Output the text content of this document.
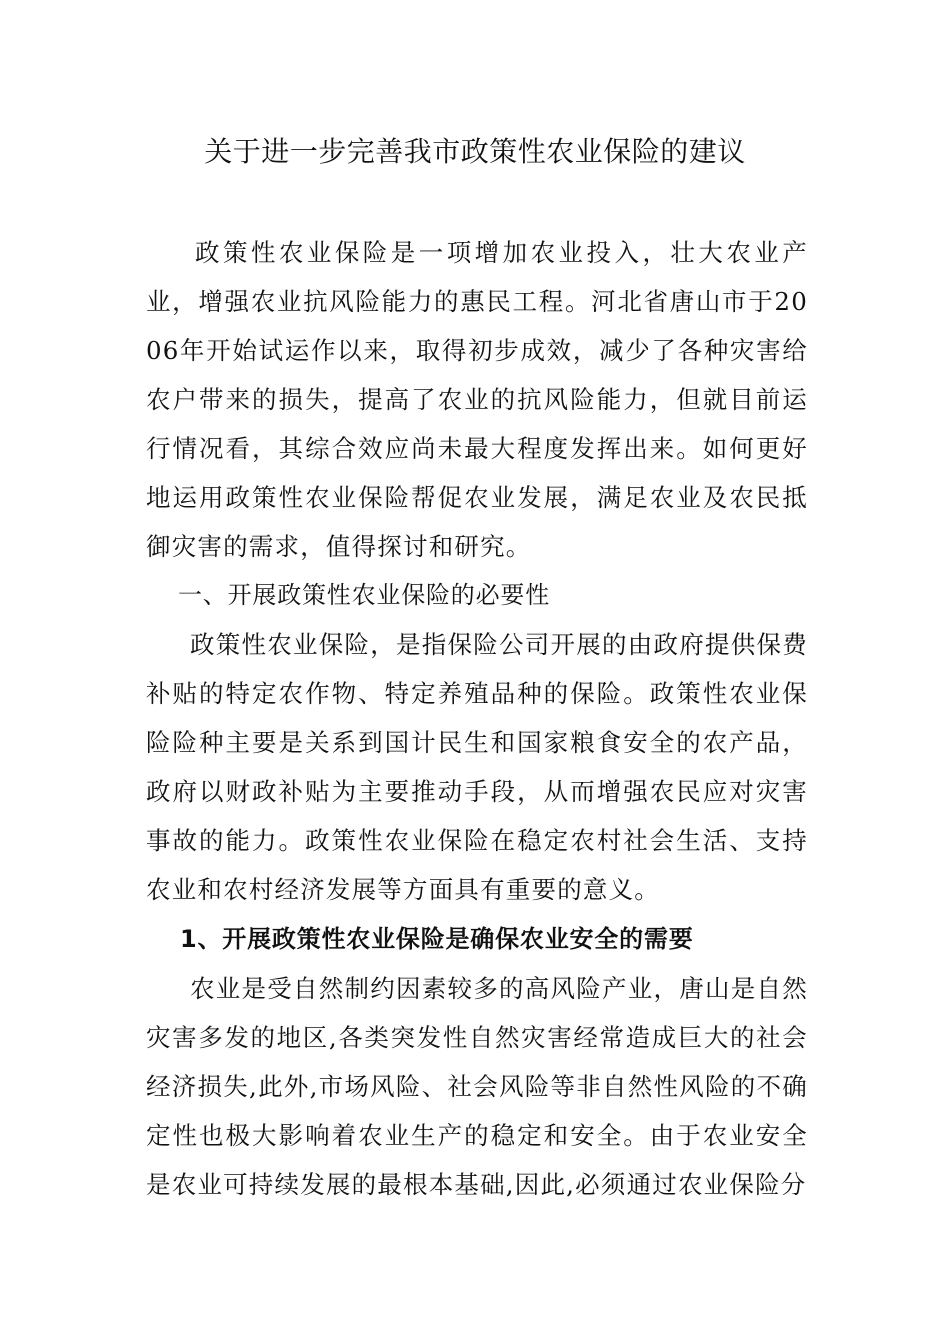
关于进一步完善我市政策性农业保险的建议

政策性农业保险是一项增加农业投入，壮大农业产业，增强农业抗风险能力的惠民工程。河北省唐山市于2006年开始试运作以来，取得初步成效，减少了各种灾害给农户带来的损失，提高了农业的抗风险能力，但就目前运行情况看，其综合效应尚未最大程度发挥出来。如何更好地运用政策性农业保险帮促农业发展，满足农业及农民抵御灾害的需求，值得探讨和研究。

一、开展政策性农业保险的必要性

政策性农业保险，是指保险公司开展的由政府提供保费补贴的特定农作物、特定养殖品种的保险。政策性农业保险险种主要是关系到国计民生和国家粮食安全的农产品，政府以财政补贴为主要推动手段，从而增强农民应对灾害事故的能力。政策性农业保险在稳定农村社会生活、支持农业和农村经济发展等方面具有重要的意义。

1、开展政策性农业保险是确保农业安全的需要

农业是受自然制约因素较多的高风险产业，唐山是自然灾害多发的地区,各类突发性自然灾害经常造成巨大的社会经济损失,此外,市场风险、社会风险等非自然性风险的不确定性也极大影响着农业生产的稳定和安全。由于农业安全是农业可持续发展的最根本基础,因此,必须通过农业保险分
